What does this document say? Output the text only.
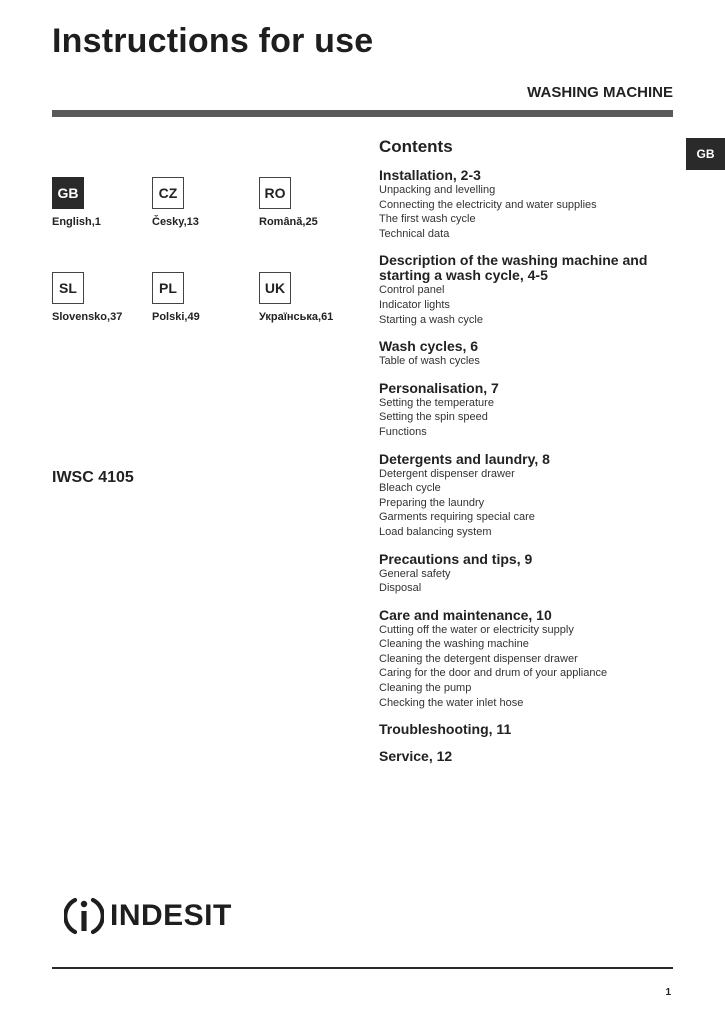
Instructions for use
WASHING MACHINE
GB
GB
English,1
CZ
Česky,13
RO
Română,25
SL
Slovensko,37
PL
Polski,49
UK
Українська,61
IWSC 4105
Contents
Installation, 2-3
Unpacking and levelling
Connecting the electricity and water supplies
The first wash cycle
Technical data
Description of the washing machine and starting a wash cycle, 4-5
Control panel
Indicator lights
Starting a wash cycle
Wash cycles, 6
Table of wash cycles
Personalisation, 7
Setting the temperature
Setting the spin speed
Functions
Detergents and laundry, 8
Detergent dispenser drawer
Bleach cycle
Preparing the laundry
Garments requiring special care
Load balancing system
Precautions and tips, 9
General safety
Disposal
Care and maintenance, 10
Cutting off the water or electricity supply
Cleaning the washing machine
Cleaning the detergent dispenser drawer
Caring for the door and drum of your appliance
Cleaning the pump
Checking the water inlet hose
Troubleshooting, 11
Service, 12
INDESIT
1
